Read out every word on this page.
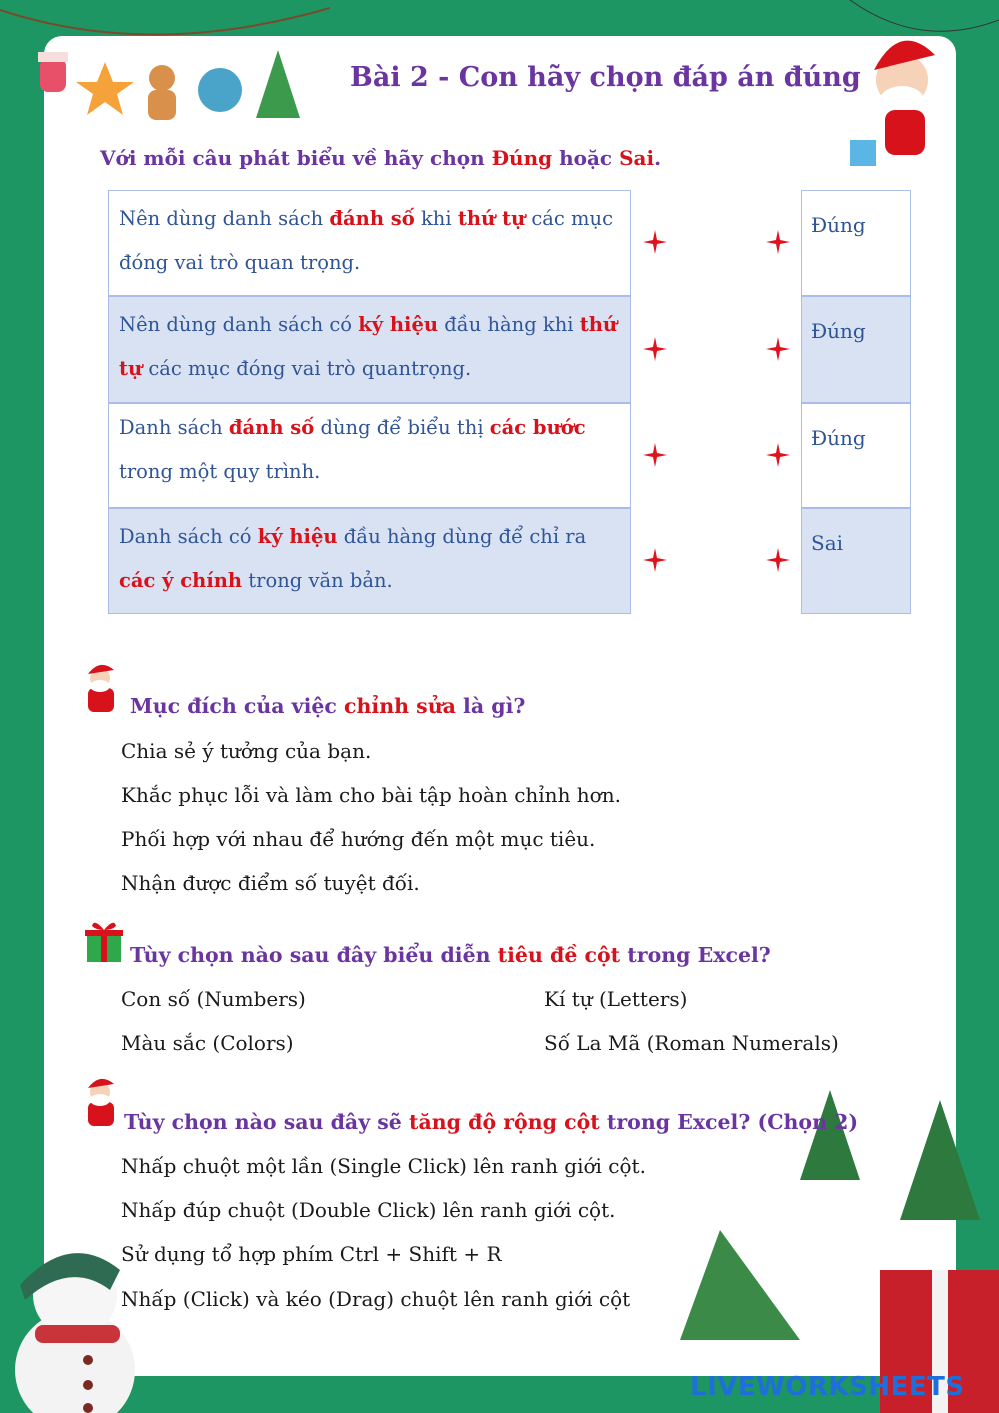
Bài 2 - Con hãy chọn đáp án đúng
Với mỗi câu phát biểu về hãy chọn Đúng hoặc Sai.
Nên dùng danh sách đánh số khi thứ tự các mục đóng vai trò quan trọng.
Nên dùng danh sách có ký hiệu đầu hàng khi thứ tự các mục đóng vai trò quantrọng.
Danh sách đánh số dùng để biểu thị các bước trong một quy trình.
Danh sách có ký hiệu đầu hàng dùng để chỉ ra các ý chính trong văn bản.
Đúng
Đúng
Đúng
Sai
Mục đích của việc chỉnh sửa là gì?
Chia sẻ ý tưởng của bạn.
Khắc phục lỗi và làm cho bài tập hoàn chỉnh hơn.
Phối hợp với nhau để hướng đến một mục tiêu.
Nhận được điểm số tuyệt đối.
Tùy chọn nào sau đây biểu diễn tiêu đề cột trong Excel?
Con số (Numbers)	Kí tự (Letters)
Màu sắc (Colors)	Số La Mã (Roman Numerals)
Tùy chọn nào sau đây sẽ tăng độ rộng cột trong Excel? (Chọn 2)
Nhấp chuột một lần (Single Click) lên ranh giới cột.
Nhấp đúp chuột (Double Click) lên ranh giới cột.
Sử dụng tổ hợp phím Ctrl + Shift + R
Nhấp (Click) và kéo (Drag) chuột lên ranh giới cột
LIVEWORKSHEETS
